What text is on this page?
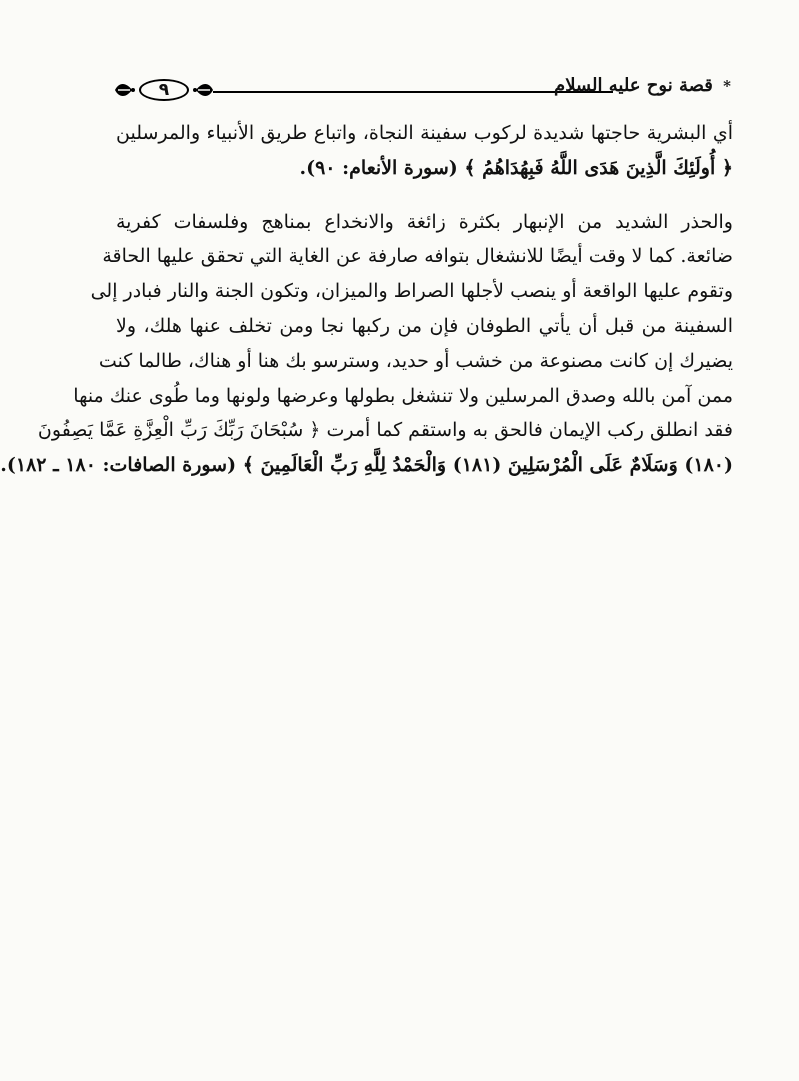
٩	* قصة نوح عليه السلام
أي البشرية حاجتها شديدة لركوب سفينة النجاة، واتباع طريق الأنبياء والمرسلين
﴿ أُولَئِكَ الَّذِينَ هَدَى اللَّهُ فَبِهُدَاهُمُ ﴾ (سورة الأنعام: ٩٠).
والحذر الشديد من الإنبهار بكثرة زائغة والانخداع بمناهج وفلسفات كفرية
ضائعة. كما لا وقت أيضًا للانشغال بتوافه صارفة عن الغاية التي تحقق عليها الحاقة
وتقوم عليها الواقعة أو ينصب لأجلها الصراط والميزان، وتكون الجنة والنار فبادر إلى
السفينة من قبل أن يأتي الطوفان فإن من ركبها نجا ومن تخلف عنها هلك، ولا
يضيرك إن كانت مصنوعة من خشب أو حديد، وسترسو بك هنا أو هناك، طالما كنت
ممن آمن بالله وصدق المرسلين ولا تنشغل بطولها وعرضها ولونها وما طُوى عنك منها
فقد انطلق ركب الإيمان فالحق به واستقم كما أمرت ﴿ سُبْحَانَ رَبِّكَ رَبِّ الْعِزَّةِ عَمَّا يَصِفُونَ
(١٨٠) وَسَلَامٌ عَلَى الْمُرْسَلِينَ (١٨١) وَالْحَمْدُ لِلَّهِ رَبِّ الْعَالَمِينَ ﴾ (سورة الصافات: ١٨٠ ـ ١٨٢).
